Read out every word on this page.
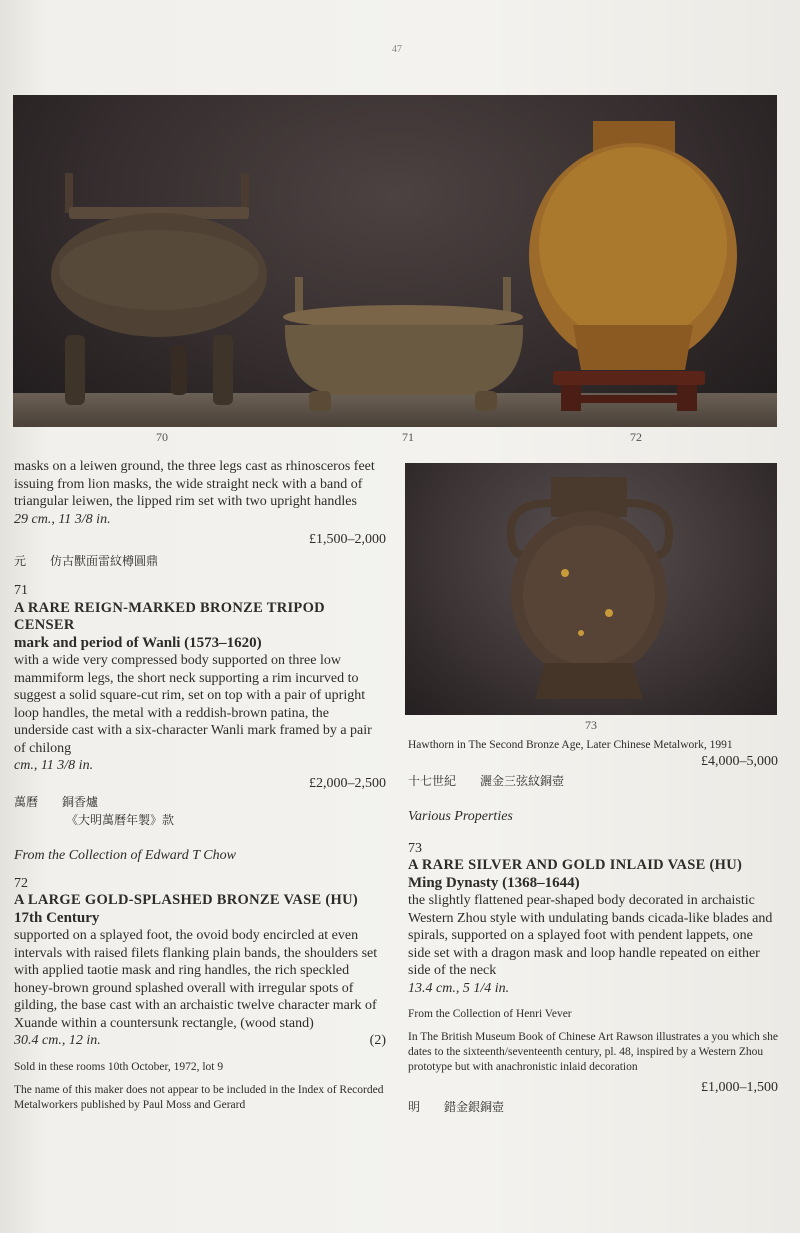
47
70	71	72
73
masks on a leiwen ground, the three legs cast as rhinosceros feet issuing from lion masks, the wide straight neck with a band of triangular leiwen, the lipped rim set with two upright handles
29 cm., 11 3/8 in.
£1,500–2,000
元　　仿古獸面雷紋樽圓鼎
71
A RARE REIGN-MARKED BRONZE TRIPOD CENSER
mark and period of Wanli (1573–1620)
with a wide very compressed body supported on three low mammiform legs, the short neck supporting a rim incurved to suggest a solid square-cut rim, set on top with a pair of upright loop handles, the metal with a reddish-brown patina, the underside cast with a six-character Wanli mark framed by a pair of chilong
cm., 11 3/8 in.
£2,000–2,500
萬曆　　銅香爐
《大明萬曆年製》款
From the Collection of Edward T Chow
72
A LARGE GOLD-SPLASHED BRONZE VASE (HU)
17th Century
supported on a splayed foot, the ovoid body encircled at even intervals with raised filets flanking plain bands, the shoulders set with applied taotie mask and ring handles, the rich speckled honey-brown ground splashed overall with irregular spots of gilding, the base cast with an archaistic twelve character mark of Xuande within a countersunk rectangle, (wood stand)
30.4 cm., 12 in.	(2)
Sold in these rooms 10th October, 1972, lot 9
The name of this maker does not appear to be included in the Index of Recorded Metalworkers published by Paul Moss and Gerard
Hawthorn in The Second Bronze Age, Later Chinese Metalwork, 1991
£4,000–5,000
十七世紀　　灑金三弦紋銅壺
Various Properties
73
A RARE SILVER AND GOLD INLAID VASE (HU)
Ming Dynasty (1368–1644)
the slightly flattened pear-shaped body decorated in archaistic Western Zhou style with undulating bands cicada-like blades and spirals, supported on a splayed foot with pendent lappets, one side set with a dragon mask and loop handle repeated on either side of the neck
13.4 cm., 5 1/4 in.
From the Collection of Henri Vever
In The British Museum Book of Chinese Art Rawson illustrates a you which she dates to the sixteenth/seventeenth century, pl. 48, inspired by a Western Zhou prototype but with anachronistic inlaid decoration
£1,000–1,500
明　　錯金銀銅壺
